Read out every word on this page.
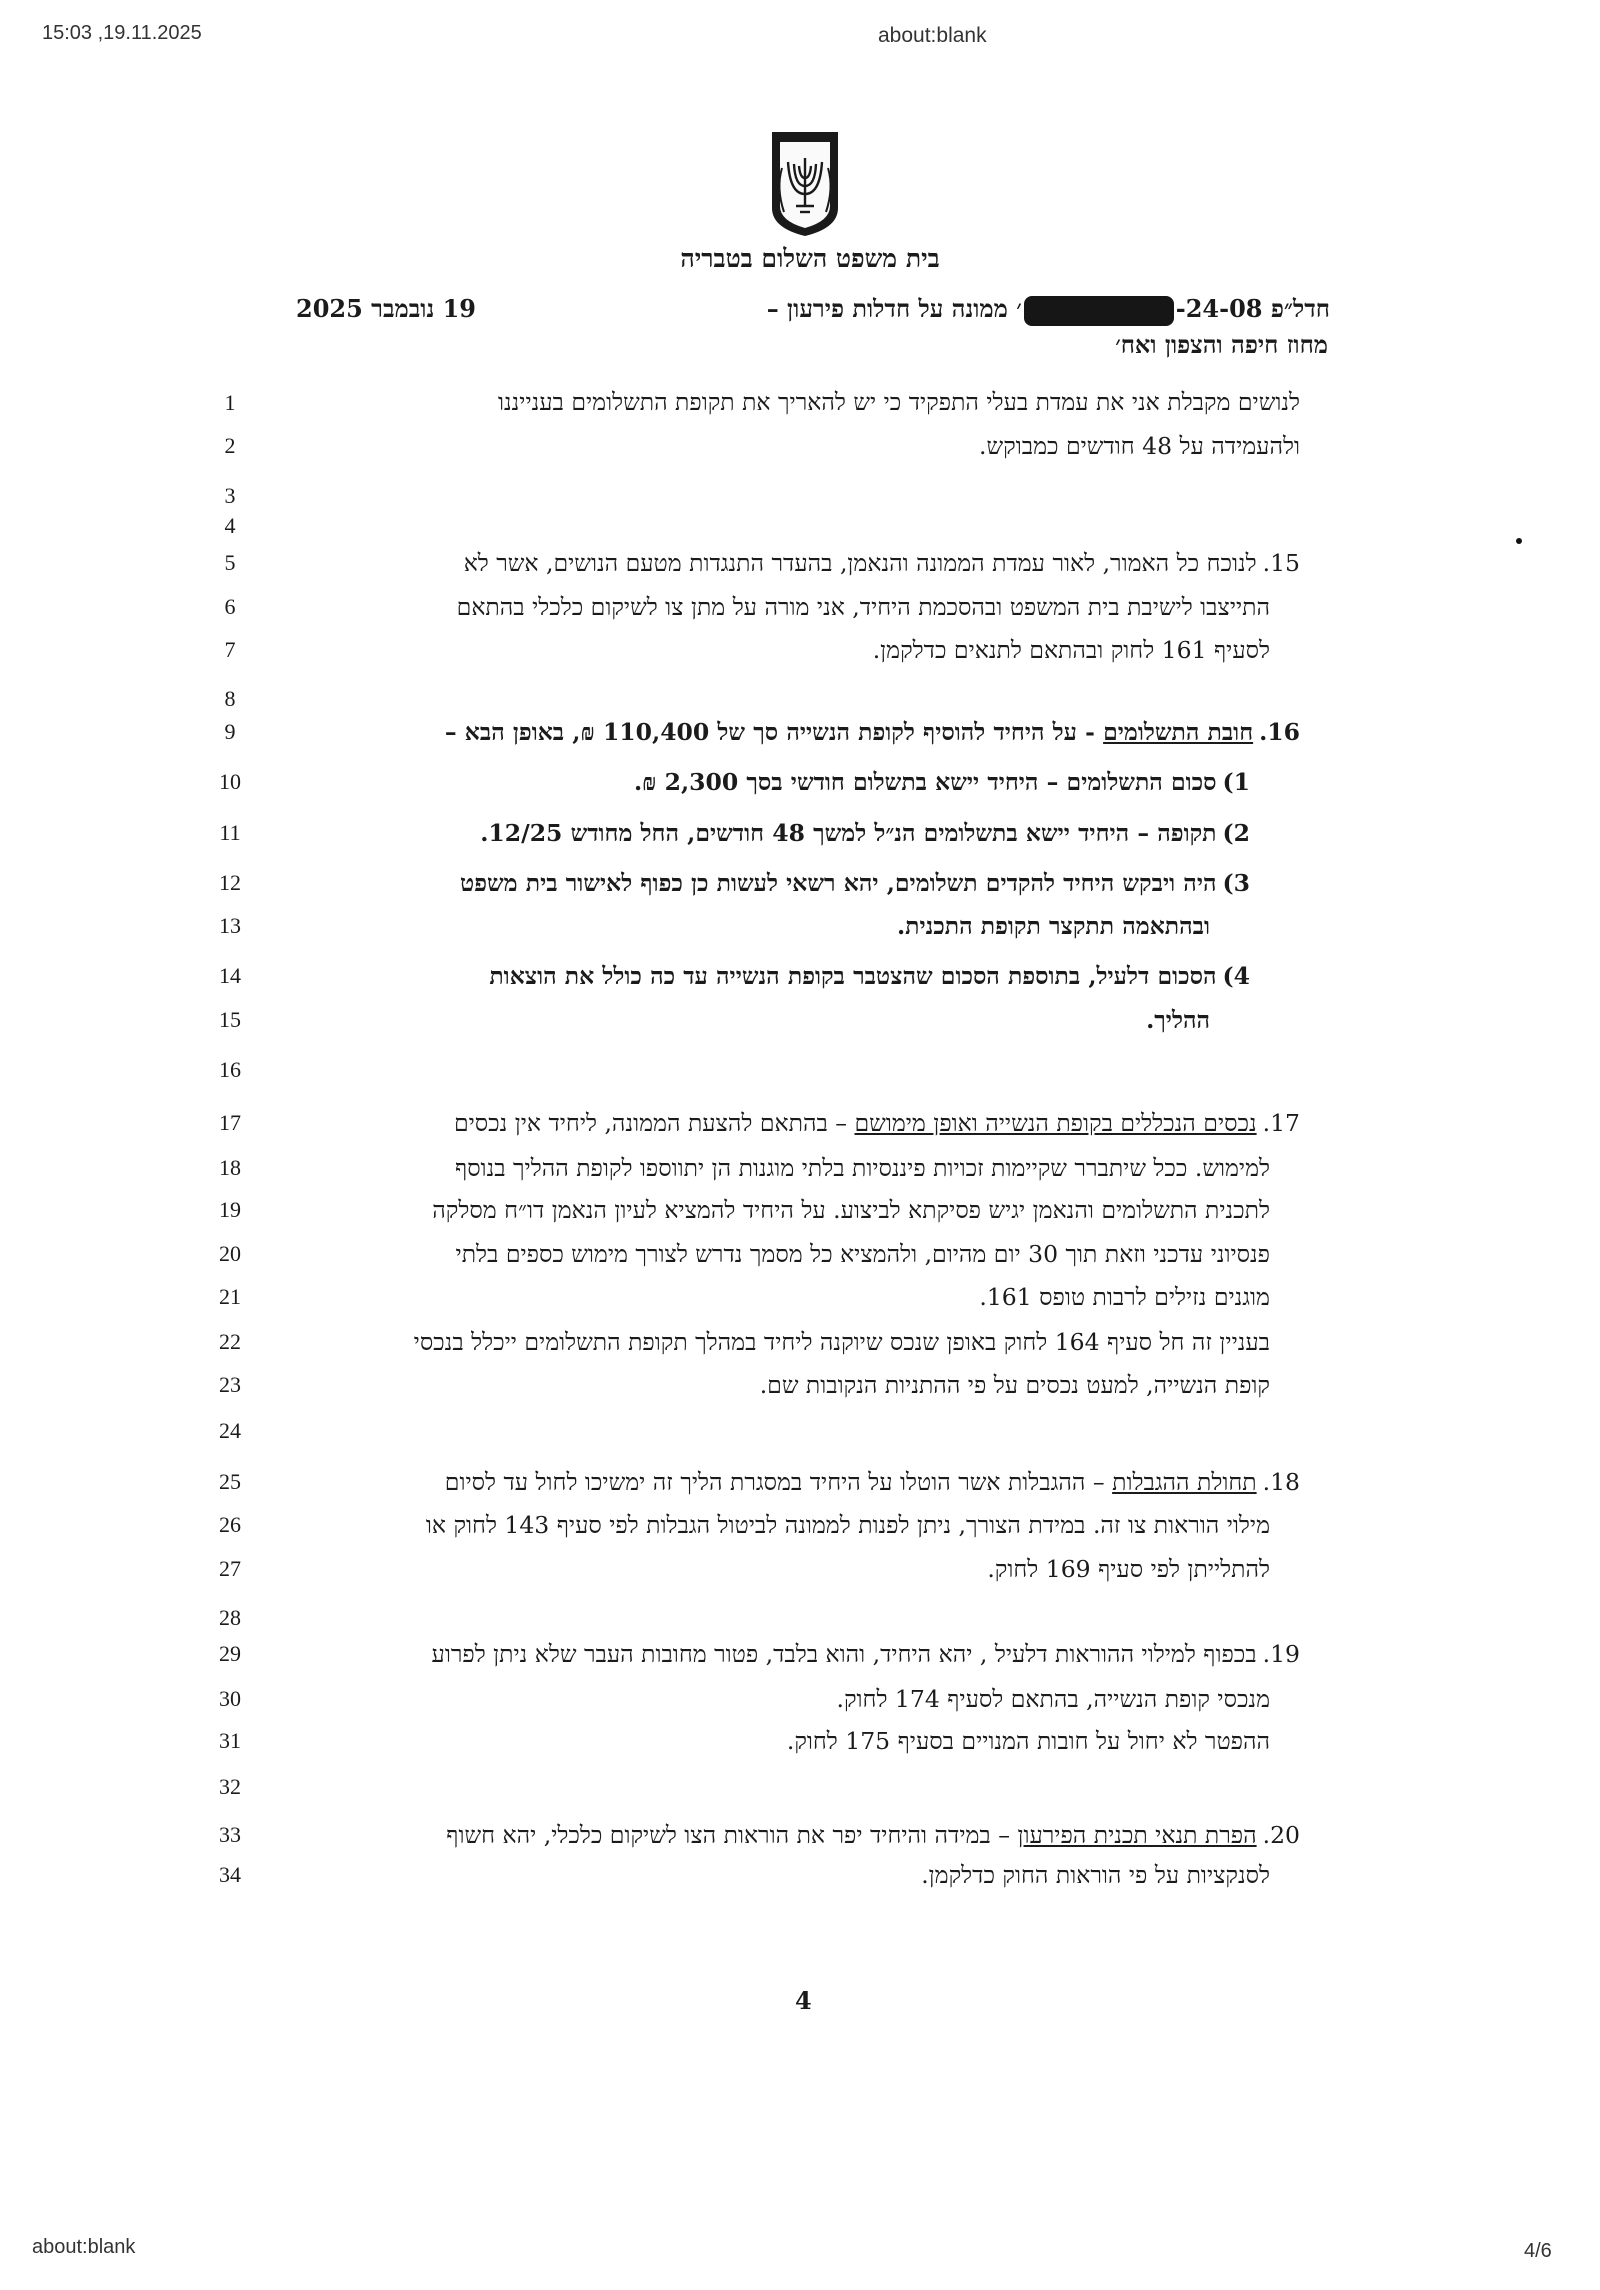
15:03 ,19.11.2025	about:blank
about:blank	4/6
בית משפט השלום בטבריה
חדל״פ 24-08-׳ ממונה על חדלות פירעון –
מחוז חיפה והצפון ואח׳
19 נובמבר 2025
1
2
3
4
5
6
7
8
9
10
11
12
13
14
15
16
17
18
19
20
21
22
23
24
25
26
27
28
29
30
31
32
33
34
לנושים מקבלת אני את עמדת בעלי התפקיד כי יש להאריך את תקופת התשלומים בענייננו
ולהעמידה על 48 חודשים כמבוקש.
15.לנוכח כל האמור, לאור עמדת הממונה והנאמן, בהעדר התנגדות מטעם הנושים, אשר לא
התייצבו לישיבת בית המשפט ובהסכמת היחיד, אני מורה על מתן צו לשיקום כלכלי בהתאם
לסעיף 161 לחוק ובהתאם לתנאים כדלקמן.
16.חובת התשלומים - על היחיד להוסיף לקופת הנשייה סך של 110,400 ₪, באופן הבא –
1)סכום התשלומים – היחיד יישא בתשלום חודשי בסך 2,300 ₪.
2)תקופה – היחיד יישא בתשלומים הנ״ל למשך 48 חודשים, החל מחודש 12/25.
3)היה ויבקש היחיד להקדים תשלומים, יהא רשאי לעשות כן כפוף לאישור בית משפט
ובהתאמה תתקצר תקופת התכנית.
4)הסכום דלעיל, בתוספת הסכום שהצטבר בקופת הנשייה עד כה כולל את הוצאות
ההליך.
17.נכסים הנכללים בקופת הנשייה ואופן מימושם – בהתאם להצעת הממונה, ליחיד אין נכסים
למימוש. ככל שיתברר שקיימות זכויות פיננסיות בלתי מוגנות הן יתווספו לקופת ההליך בנוסף
לתכנית התשלומים והנאמן יגיש פסיקתא לביצוע. על היחיד להמציא לעיון הנאמן דו״ח מסלקה
פנסיוני עדכני וזאת תוך 30 יום מהיום, ולהמציא כל מסמך נדרש לצורך מימוש כספים בלתי
מוגנים נזילים לרבות טופס 161.
בעניין זה חל סעיף 164 לחוק באופן שנכס שיוקנה ליחיד במהלך תקופת התשלומים ייכלל בנכסי
קופת הנשייה, למעט נכסים על פי ההתניות הנקובות שם.
18.תחולת ההגבלות – ההגבלות אשר הוטלו על היחיד במסגרת הליך זה ימשיכו לחול עד לסיום
מילוי הוראות צו זה. במידת הצורך, ניתן לפנות לממונה לביטול הגבלות לפי סעיף 143 לחוק או
להתלייתן לפי סעיף 169 לחוק.
19.בכפוף למילוי ההוראות דלעיל , יהא היחיד, והוא בלבד, פטור מחובות העבר שלא ניתן לפרוע
מנכסי קופת הנשייה, בהתאם לסעיף 174 לחוק.
ההפטר לא יחול על חובות המנויים בסעיף 175 לחוק.
20.הפרת תנאי תכנית הפירעון – במידה והיחיד יפר את הוראות הצו לשיקום כלכלי, יהא חשוף
לסנקציות על פי הוראות החוק כדלקמן.
4
